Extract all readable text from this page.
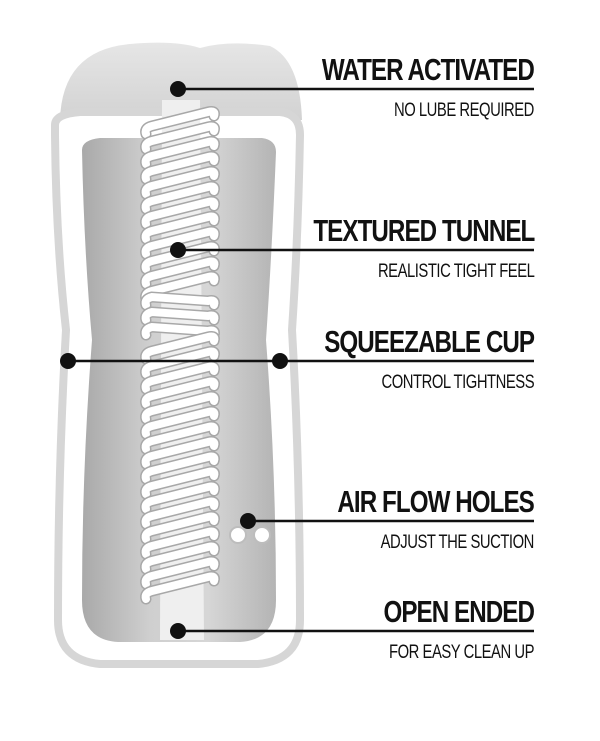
WATER ACTIVATED
NO LUBE REQUIRED
TEXTURED TUNNEL
REALISTIC TIGHT FEEL
SQUEEZABLE CUP
CONTROL TIGHTNESS
AIR FLOW HOLES
ADJUST THE SUCTION
OPEN ENDED
FOR EASY CLEAN UP
